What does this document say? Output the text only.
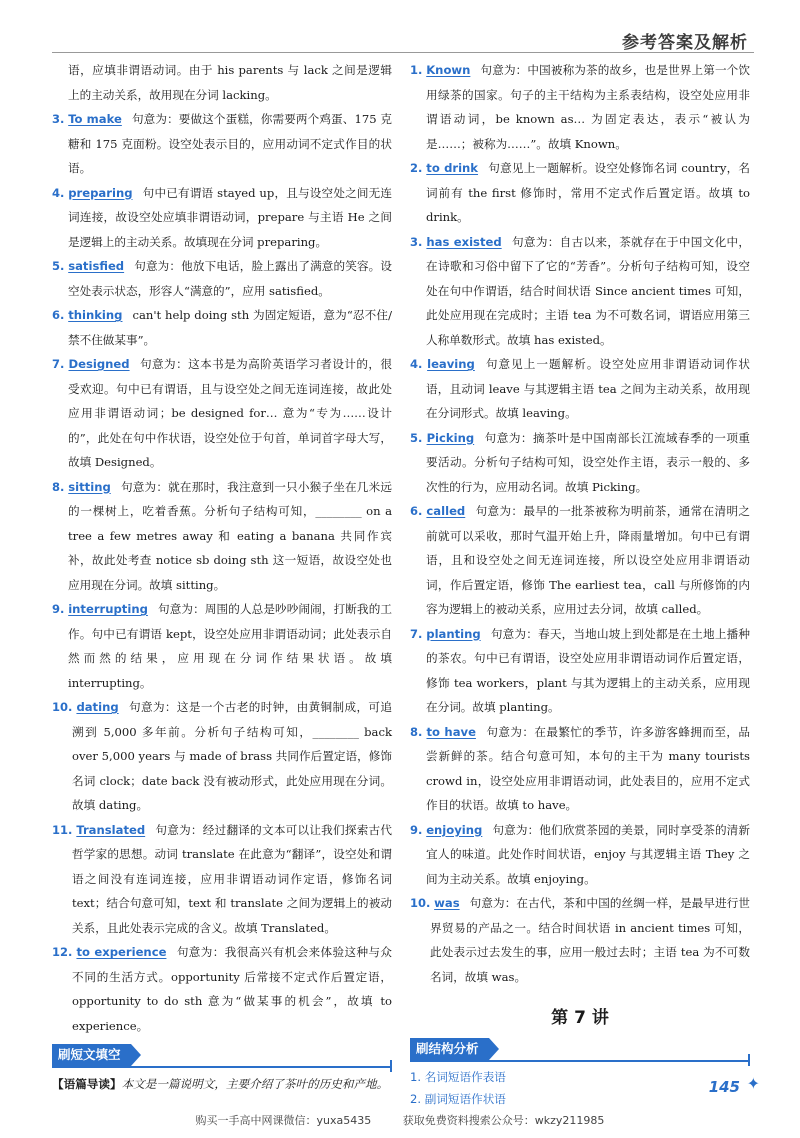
参考答案及解析

语，应填非谓语动词。由于 his parents 与 lack 之间是逻辑上的主动关系，故用现在分词 lacking。

3. To make 句意为：要做这个蛋糕，你需要两个鸡蛋、175 克糖和 175 克面粉。设空处表示目的，应用动词不定式作目的状语。

4. preparing 句中已有谓语 stayed up，且与设空处之间无连词连接，故设空处应填非谓语动词，prepare 与主语 He 之间是逻辑上的主动关系。故填现在分词 preparing。

5. satisfied 句意为：他放下电话，脸上露出了满意的笑容。设空处表示状态，形容人“满意的”，应用 satisfied。

6. thinking can't help doing sth 为固定短语，意为“忍不住/禁不住做某事”。

7. Designed 句意为：这本书是为高阶英语学习者设计的，很受欢迎。句中已有谓语，且与设空处之间无连词连接，故此处应用非谓语动词；be designed for… 意为“专为……设计的”，此处在句中作状语，设空处位于句首，单词首字母大写，故填 Designed。

8. sitting 句意为：就在那时，我注意到一只小猴子坐在几米远的一棵树上，吃着香蕉。分析句子结构可知，________ on a tree a few metres away 和 eating a banana 共同作宾补，故此处考查 notice sb doing sth 这一短语，故设空处也应用现在分词。故填 sitting。

9. interrupting 句意为：周围的人总是吵吵闹闹，打断我的工作。句中已有谓语 kept，设空处应用非谓语动词；此处表示自然而然的结果，应用现在分词作结果状语。故填 interrupting。

10. dating 句意为：这是一个古老的时钟，由黄铜制成，可追溯到 5,000 多年前。分析句子结构可知，________ back over 5,000 years 与 made of brass 共同作后置定语，修饰名词 clock；date back 没有被动形式，此处应用现在分词。故填 dating。

11. Translated 句意为：经过翻译的文本可以让我们探索古代哲学家的思想。动词 translate 在此意为“翻译”，设空处和谓语之间没有连词连接，应用非谓语动词作定语，修饰名词 text；结合句意可知，text 和 translate 之间为逻辑上的被动关系，且此处表示完成的含义。故填 Translated。

12. to experience 句意为：我很高兴有机会来体验这种与众不同的生活方式。opportunity 后常接不定式作后置定语，opportunity to do sth 意为“做某事的机会”，故填 to experience。

刷短文填空

【语篇导读】本文是一篇说明文，主要介绍了茶叶的历史和产地。

1. Known 句意为：中国被称为茶的故乡，也是世界上第一个饮用绿茶的国家。句子的主干结构为主系表结构，设空处应用非谓语动词，be known as… 为固定表达，表示“被认为是……；被称为……”。故填 Known。

2. to drink 句意见上一题解析。设空处修饰名词 country，名词前有 the first 修饰时，常用不定式作后置定语。故填 to drink。

3. has existed 句意为：自古以来，茶就存在于中国文化中，在诗歌和习俗中留下了它的“芳香”。分析句子结构可知，设空处在句中作谓语，结合时间状语 Since ancient times 可知，此处应用现在完成时；主语 tea 为不可数名词，谓语应用第三人称单数形式。故填 has existed。

4. leaving 句意见上一题解析。设空处应用非谓语动词作状语，且动词 leave 与其逻辑主语 tea 之间为主动关系，故用现在分词形式。故填 leaving。

5. Picking 句意为：摘茶叶是中国南部长江流域春季的一项重要活动。分析句子结构可知，设空处作主语，表示一般的、多次性的行为，应用动名词。故填 Picking。

6. called 句意为：最早的一批茶被称为明前茶，通常在清明之前就可以采收，那时气温开始上升，降雨量增加。句中已有谓语，且和设空处之间无连词连接，所以设空处应用非谓语动词，作后置定语，修饰 The earliest tea，call 与所修饰的内容为逻辑上的被动关系，应用过去分词，故填 called。

7. planting 句意为：春天，当地山坡上到处都是在土地上播种的茶农。句中已有谓语，设空处应用非谓语动词作后置定语，修饰 tea workers，plant 与其为逻辑上的主动关系，应用现在分词。故填 planting。

8. to have 句意为：在最繁忙的季节，许多游客蜂拥而至，品尝新鲜的茶。结合句意可知，本句的主干为 many tourists crowd in，设空处应用非谓语动词，此处表目的，应用不定式作目的状语。故填 to have。

9. enjoying 句意为：他们欣赏茶园的美景，同时享受茶的清新宜人的味道。此处作时间状语，enjoy 与其逻辑主语 They 之间为主动关系。故填 enjoying。

10. was 句意为：在古代，茶和中国的丝绸一样，是最早进行世界贸易的产品之一。结合时间状语 in ancient times 可知，此处表示过去发生的事，应用一般过去时；主语 tea 为不可数名词，故填 was。

第 7 讲
刷结构分析

1. 名词短语作表语

2. 副词短语作状语

145 ✦
购买一手高中网课微信：yuxa5435	获取免费资料搜索公众号：wkzy211985
